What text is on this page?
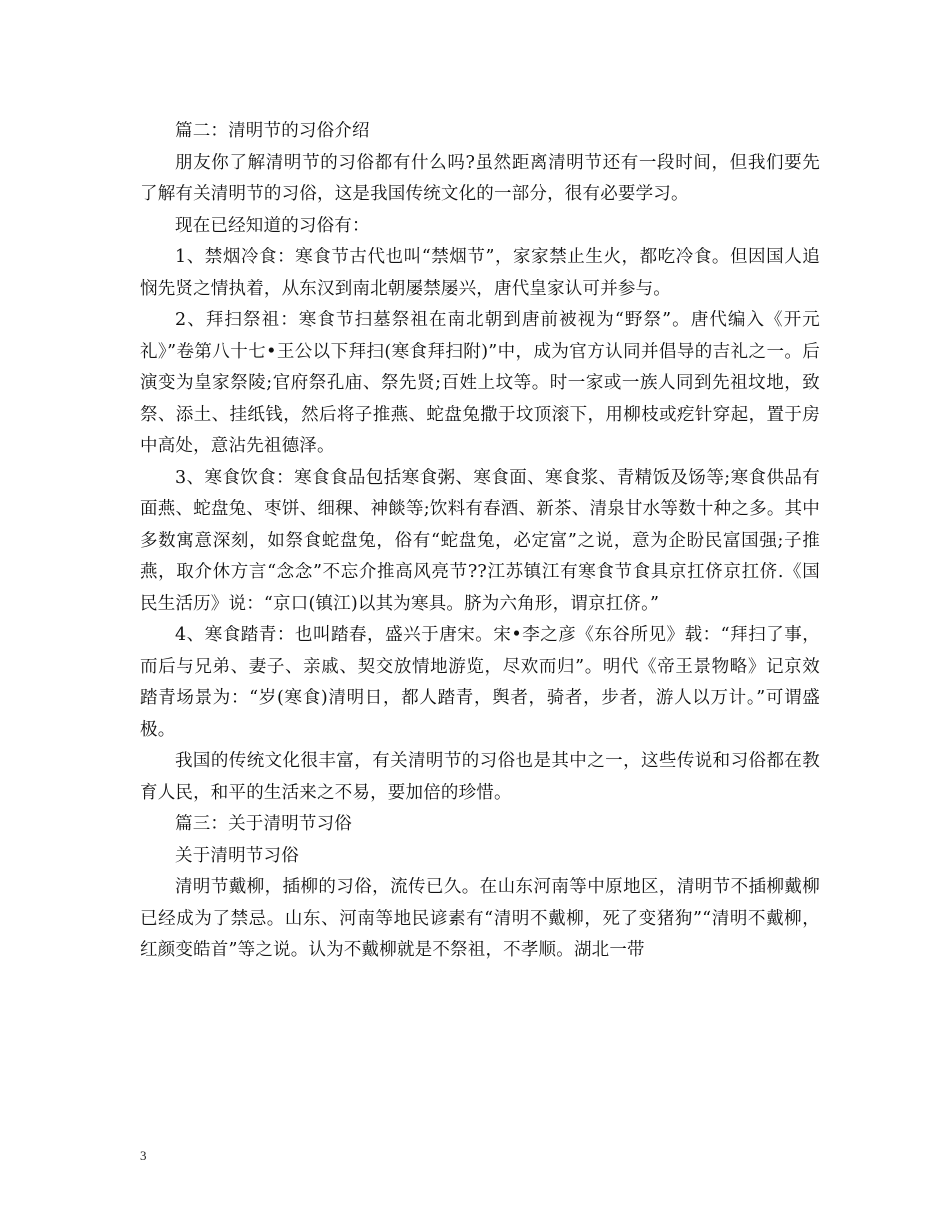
篇二：清明节的习俗介绍

朋友你了解清明节的习俗都有什么吗?虽然距离清明节还有一段时间，但我们要先了解有关清明节的习俗，这是我国传统文化的一部分，很有必要学习。

现在已经知道的习俗有：

1、禁烟冷食：寒食节古代也叫“禁烟节”，家家禁止生火，都吃冷食。但因国人追悯先贤之情执着，从东汉到南北朝屡禁屡兴，唐代皇家认可并参与。

2、拜扫祭祖：寒食节扫墓祭祖在南北朝到唐前被视为“野祭”。唐代编入《开元礼》”卷第八十七•王公以下拜扫(寒食拜扫附)”中，成为官方认同并倡导的吉礼之一。后演变为皇家祭陵;官府祭孔庙、祭先贤;百姓上坟等。时一家或一族人同到先祖坟地，致祭、添土、挂纸钱，然后将子推燕、蛇盘兔撒于坟顶滚下，用柳枝或疙针穿起，置于房中高处，意沾先祖德泽。

3、寒食饮食：寒食食品包括寒食粥、寒食面、寒食浆、青精饭及饧等;寒食供品有面燕、蛇盘兔、枣饼、细稞、神餤等;饮料有春酒、新茶、清泉甘水等数十种之多。其中多数寓意深刻，如祭食蛇盘兔，俗有“蛇盘兔，必定富”之说，意为企盼民富国强;子推燕，取介休方言“念念”不忘介推高风亮节??江苏镇江有寒食节食具京扛侪京扛侪.《国民生活历》说：“京口(镇江)以其为寒具。脐为六角形，谓京扛侪。”

4、寒食踏青：也叫踏春，盛兴于唐宋。宋•李之彦《东谷所见》载：“拜扫了事，而后与兄弟、妻子、亲戚、契交放情地游览，尽欢而归”。明代《帝王景物略》记京效踏青场景为：“岁(寒食)清明日，都人踏青，舆者，骑者，步者，游人以万计。”可谓盛极。

我国的传统文化很丰富，有关清明节的习俗也是其中之一，这些传说和习俗都在教育人民，和平的生活来之不易，要加倍的珍惜。

篇三：关于清明节习俗

关于清明节习俗

清明节戴柳，插柳的习俗，流传已久。在山东河南等中原地区，清明节不插柳戴柳已经成为了禁忌。山东、河南等地民谚素有“清明不戴柳，死了变猪狗”“清明不戴柳，红颜变皓首”等之说。认为不戴柳就是不祭祖，不孝顺。湖北一带

3
